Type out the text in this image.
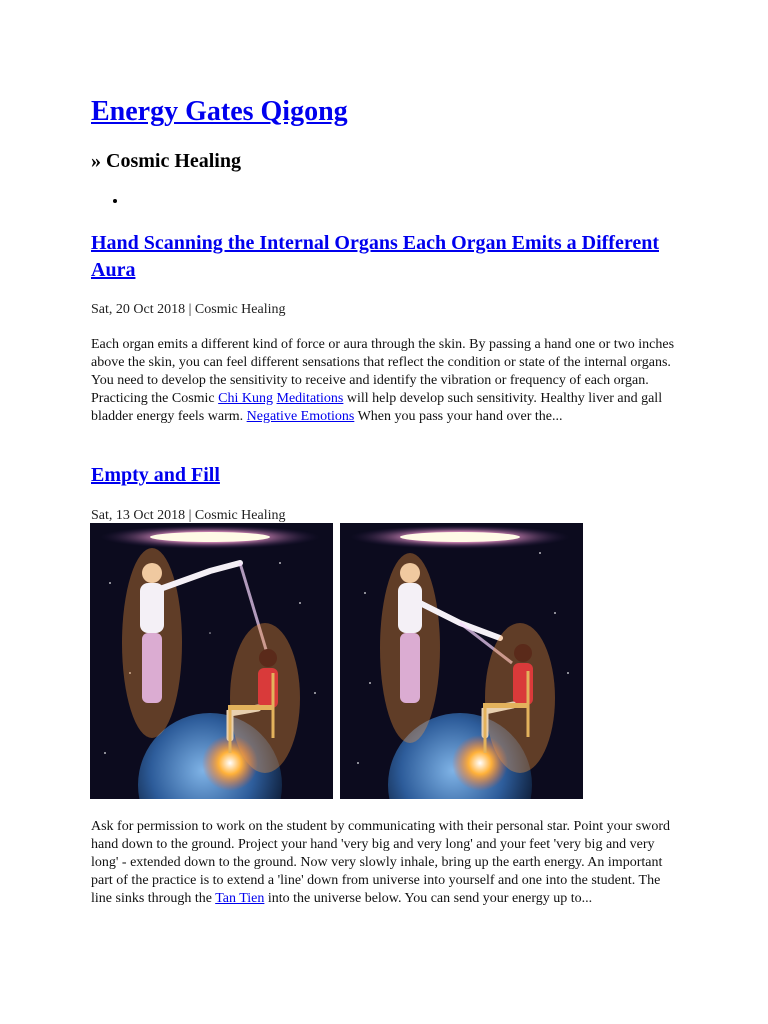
Energy Gates Qigong
» Cosmic Healing
Hand Scanning the Internal Organs Each Organ Emits a Different Aura

Sat, 20 Oct 2018 | Cosmic Healing

Each organ emits a different kind of force or aura through the skin. By passing a hand one or two inches above the skin, you can feel different sensations that reflect the condition or state of the internal organs. You need to develop the sensitivity to receive and identify the vibration or frequency of each organ. Practicing the Cosmic Chi Kung Meditations will help develop such sensitivity. Healthy liver and gall bladder energy feels warm. Negative Emotions When you pass your hand over the...

Empty and Fill

Sat, 13 Oct 2018 | Cosmic Healing

Ask for permission to work on the student by communicating with their personal star. Point your sword hand down to the ground. Project your hand 'very big and very long' and your feet 'very big and very long' - extended down to the ground. Now very slowly inhale, bring up the earth energy. An important part of the practice is to extend a 'line' down from universe into yourself and one into the student. The line sinks through the Tan Tien into the universe below. You can send your energy up to...
